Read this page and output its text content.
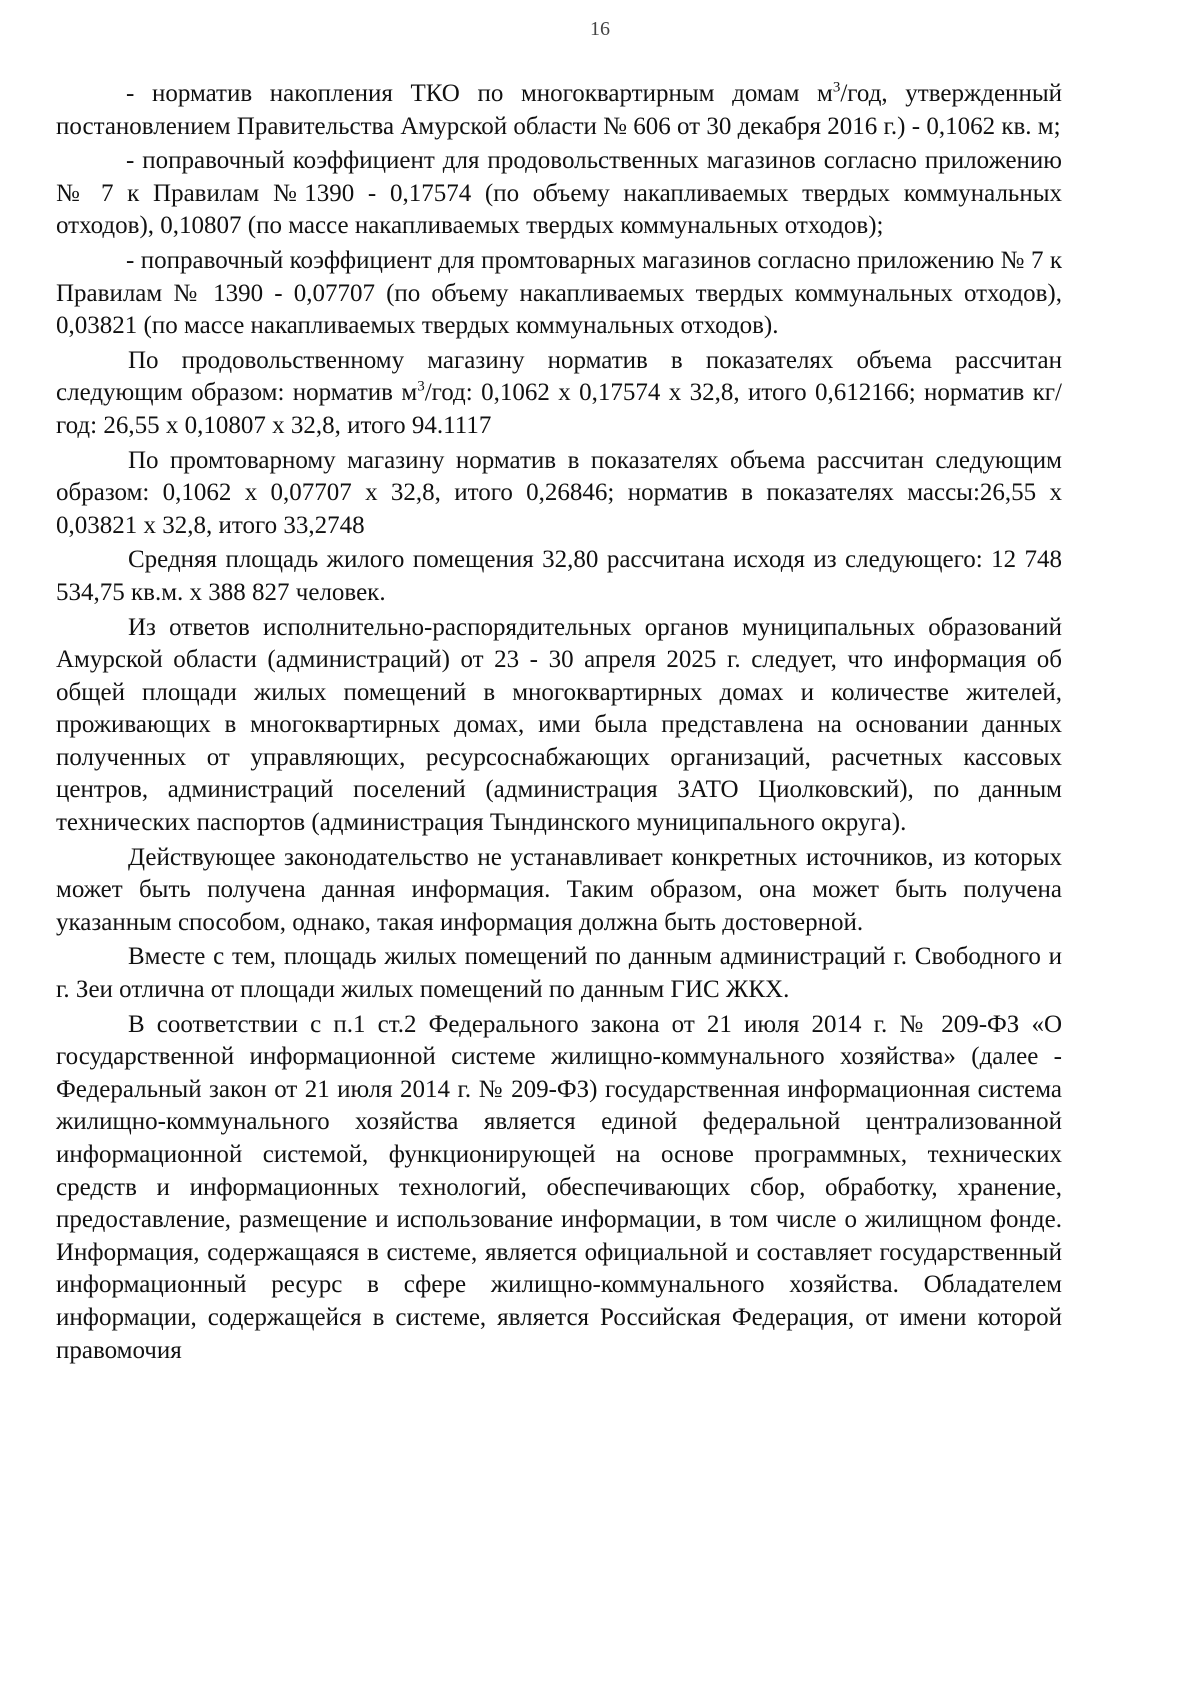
16

- норматив накопления ТКО по многоквартирным домам $м^3$/год, утвержденный постановлением Правительства Амурской области № 606 от 30 декабря 2016 г.) - 0,1062 кв. м;

- поправочный коэффициент для продовольственных магазинов согласно приложению № 7 к Правилам №1390 - 0,17574 (по объему накапливаемых твердых коммунальных отходов), 0,10807 (по массе накапливаемых твердых коммунальных отходов);

- поправочный коэффициент для промтоварных магазинов согласно приложению № 7 к Правилам № 1390 - 0,07707 (по объему накапливаемых твердых коммунальных отходов), 0,03821 (по массе накапливаемых твердых коммунальных отходов).

По продовольственному магазину норматив в показателях объема рассчитан следующим образом: норматив $м^3$/год: 0,1062 х 0,17574 х 32,8, итого 0,612166; норматив кг/год: 26,55 х 0,10807 х 32,8, итого 94.1117

По промтоварному магазину норматив в показателях объема рассчитан следующим образом: 0,1062 х 0,07707 х 32,8, итого 0,26846; норматив в показателях массы:26,55 х 0,03821 х 32,8, итого 33,2748

Средняя площадь жилого помещения 32,80 рассчитана исходя из следующего: 12 748 534,75 кв.м. х 388 827 человек.

Из ответов исполнительно-распорядительных органов муниципальных образований Амурской области (администраций) от 23 - 30 апреля 2025 г. следует, что информация об общей площади жилых помещений в многоквартирных домах и количестве жителей, проживающих в многоквартирных домах, ими была представлена на основании данных полученных от управляющих, ресурсоснабжающих организаций, расчетных кассовых центров, администраций поселений (администрация ЗАТО Циолковский), по данным технических паспортов (администрация Тындинского муниципального округа).

Действующее законодательство не устанавливает конкретных источников, из которых может быть получена данная информация. Таким образом, она может быть получена указанным способом, однако, такая информация должна быть достоверной.

Вместе с тем, площадь жилых помещений по данным администраций г. Свободного и г. Зеи отлична от площади жилых помещений по данным ГИС ЖКХ.

В соответствии с п.1 ст.2 Федерального закона от 21 июля 2014 г. № 209-ФЗ «О государственной информационной системе жилищно-коммунального хозяйства» (далее - Федеральный закон от 21 июля 2014 г. № 209-ФЗ) государственная информационная система жилищно-коммунального хозяйства является единой федеральной централизованной информационной системой, функционирующей на основе программных, технических средств и информационных технологий, обеспечивающих сбор, обработку, хранение, предоставление, размещение и использование информации, в том числе о жилищном фонде. Информация, содержащаяся в системе, является официальной и составляет государственный информационный ресурс в сфере жилищно-коммунального хозяйства. Обладателем информации, содержащейся в системе, является Российская Федерация, от имени которой правомочия
